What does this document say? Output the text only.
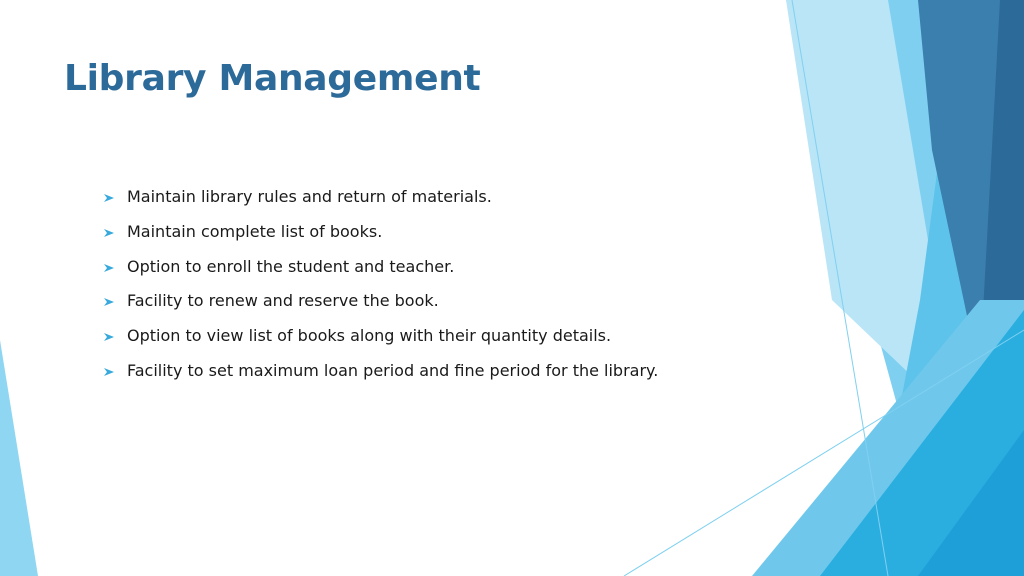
Library Management
Maintain library rules and return of materials.
Maintain complete list of books.
Option to enroll the student and teacher.
Facility to renew and reserve the book.
Option to view list of books along with their quantity details.
Facility to set maximum loan period and fine period for the library.
